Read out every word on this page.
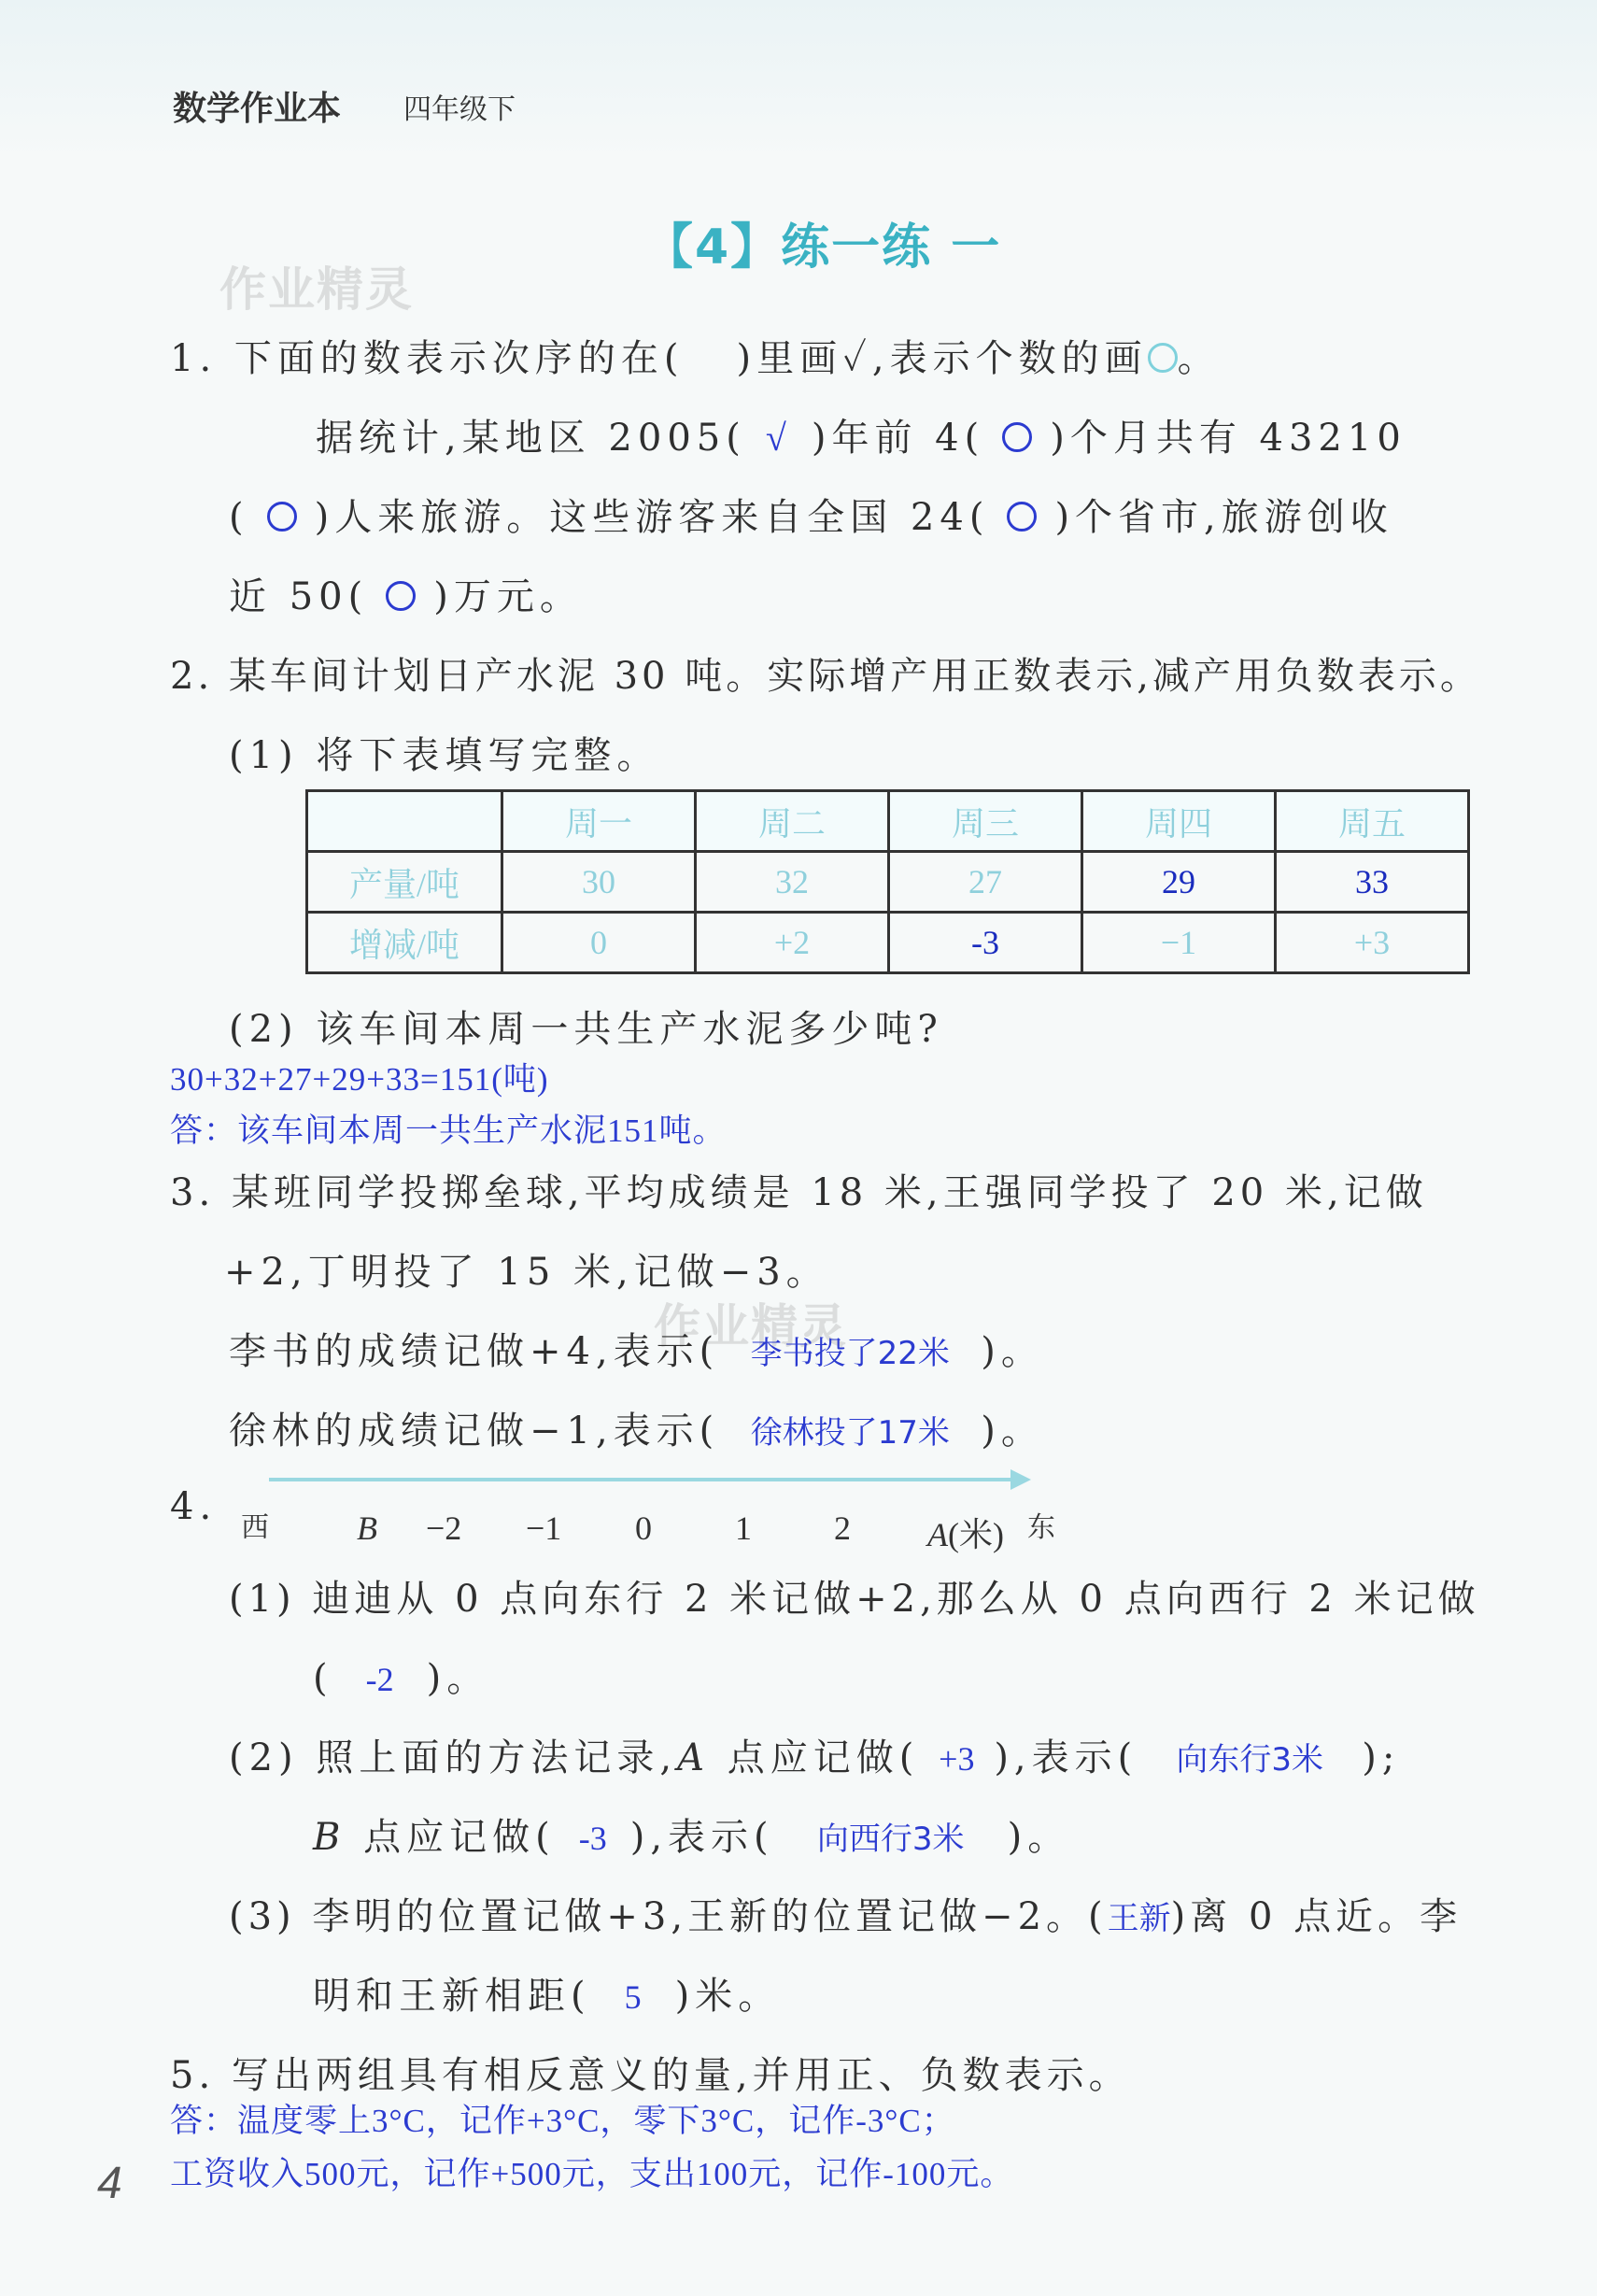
数学作业本 四年级下
【4】练一练 一
作业精灵
作业精灵
1. 下面的数表示次序的在( )里画✓,表示个数的画 。
据统计,某地区 2005( √ )年前 4( )个月共有 43210
( )人来旅游。这些游客来自全国 24( )个省市,旅游创收
近 50( )万元。
2. 某车间计划日产水泥 30 吨。实际增产用正数表示,减产用负数表示。
(1) 将下表填写完整。
	周一	周二	周三	周四	周五
产量/吨	30	32	27	29	33
增减/吨	0	+2	-3	−1	+3
(2) 该车间本周一共生产水泥多少吨?
30+32+27+29+33=151(吨)
答：该车间本周一共生产水泥151吨。
3. 某班同学投掷垒球,平均成绩是 18 米,王强同学投了 20 米,记做
+2,丁明投了 15 米,记做−3。
李书的成绩记做+4,表示( 李书投了22米 )。
徐林的成绩记做−1,表示( 徐林投了17米 )。
4. 西	B −2 −1 0 1 2 A(米) 东
(1) 迪迪从 0 点向东行 2 米记做+2,那么从 0 点向西行 2 米记做
( -2 )。
(2) 照上面的方法记录,A 点应记做( +3 ),表示( 向东行3米 );
B 点应记做( -3 ),表示( 向西行3米 )。
(3) 李明的位置记做+3,王新的位置记做−2。(王新)离 0 点近。李
明和王新相距( 5 )米。
5. 写出两组具有相反意义的量,并用正、负数表示。
答：温度零上3°C，记作+3°C，零下3°C，记作-3°C；
工资收入500元，记作+500元，支出100元，记作-100元。
4
